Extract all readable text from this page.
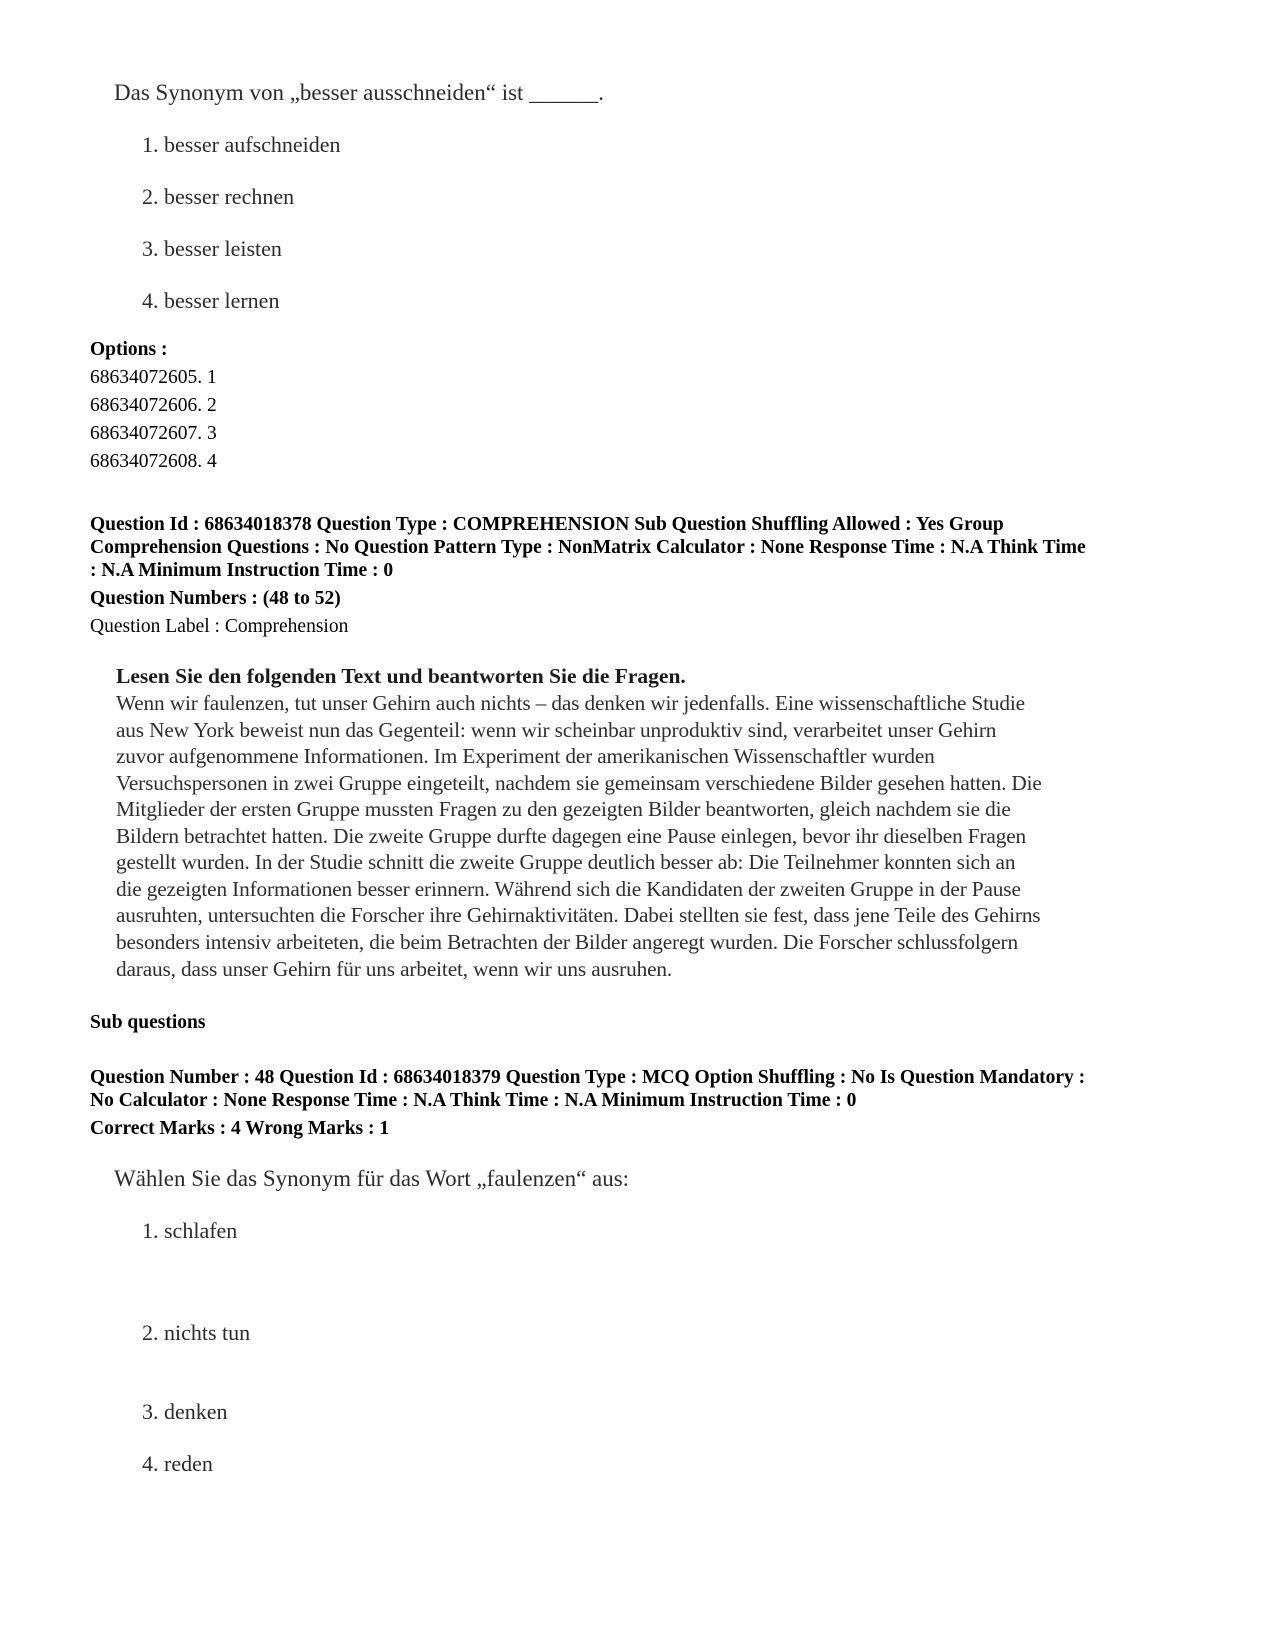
Das Synonym von „besser ausschneiden“ ist ______.
1. besser aufschneiden
2. besser rechnen
3. besser leisten
4. besser lernen
Options :
68634072605. 1
68634072606. 2
68634072607. 3
68634072608. 4
Question Id : 68634018378 Question Type : COMPREHENSION Sub Question Shuffling Allowed : Yes Group
Comprehension Questions : No Question Pattern Type : NonMatrix Calculator : None Response Time : N.A Think Time
: N.A Minimum Instruction Time : 0
Question Numbers : (48 to 52)
Question Label : Comprehension
Lesen Sie den folgenden Text und beantworten Sie die Fragen.
Wenn wir faulenzen, tut unser Gehirn auch nichts – das denken wir jedenfalls. Eine wissenschaftliche Studie
aus New York beweist nun das Gegenteil: wenn wir scheinbar unproduktiv sind, verarbeitet unser Gehirn
zuvor aufgenommene Informationen. Im Experiment der amerikanischen Wissenschaftler wurden
Versuchspersonen in zwei Gruppe eingeteilt, nachdem sie gemeinsam verschiedene Bilder gesehen hatten. Die
Mitglieder der ersten Gruppe mussten Fragen zu den gezeigten Bilder beantworten, gleich nachdem sie die
Bildern betrachtet hatten. Die zweite Gruppe durfte dagegen eine Pause einlegen, bevor ihr dieselben Fragen
gestellt wurden. In der Studie schnitt die zweite Gruppe deutlich besser ab: Die Teilnehmer konnten sich an
die gezeigten Informationen besser erinnern. Während sich die Kandidaten der zweiten Gruppe in der Pause
ausruhten, untersuchten die Forscher ihre Gehirnaktivitäten. Dabei stellten sie fest, dass jene Teile des Gehirns
besonders intensiv arbeiteten, die beim Betrachten der Bilder angeregt wurden. Die Forscher schlussfolgern
daraus, dass unser Gehirn für uns arbeitet, wenn wir uns ausruhen.
Sub questions
Question Number : 48 Question Id : 68634018379 Question Type : MCQ Option Shuffling : No Is Question Mandatory :
No Calculator : None Response Time : N.A Think Time : N.A Minimum Instruction Time : 0
Correct Marks : 4 Wrong Marks : 1
Wählen Sie das Synonym für das Wort „faulenzen“ aus:
1. schlafen
2. nichts tun
3. denken
4. reden
